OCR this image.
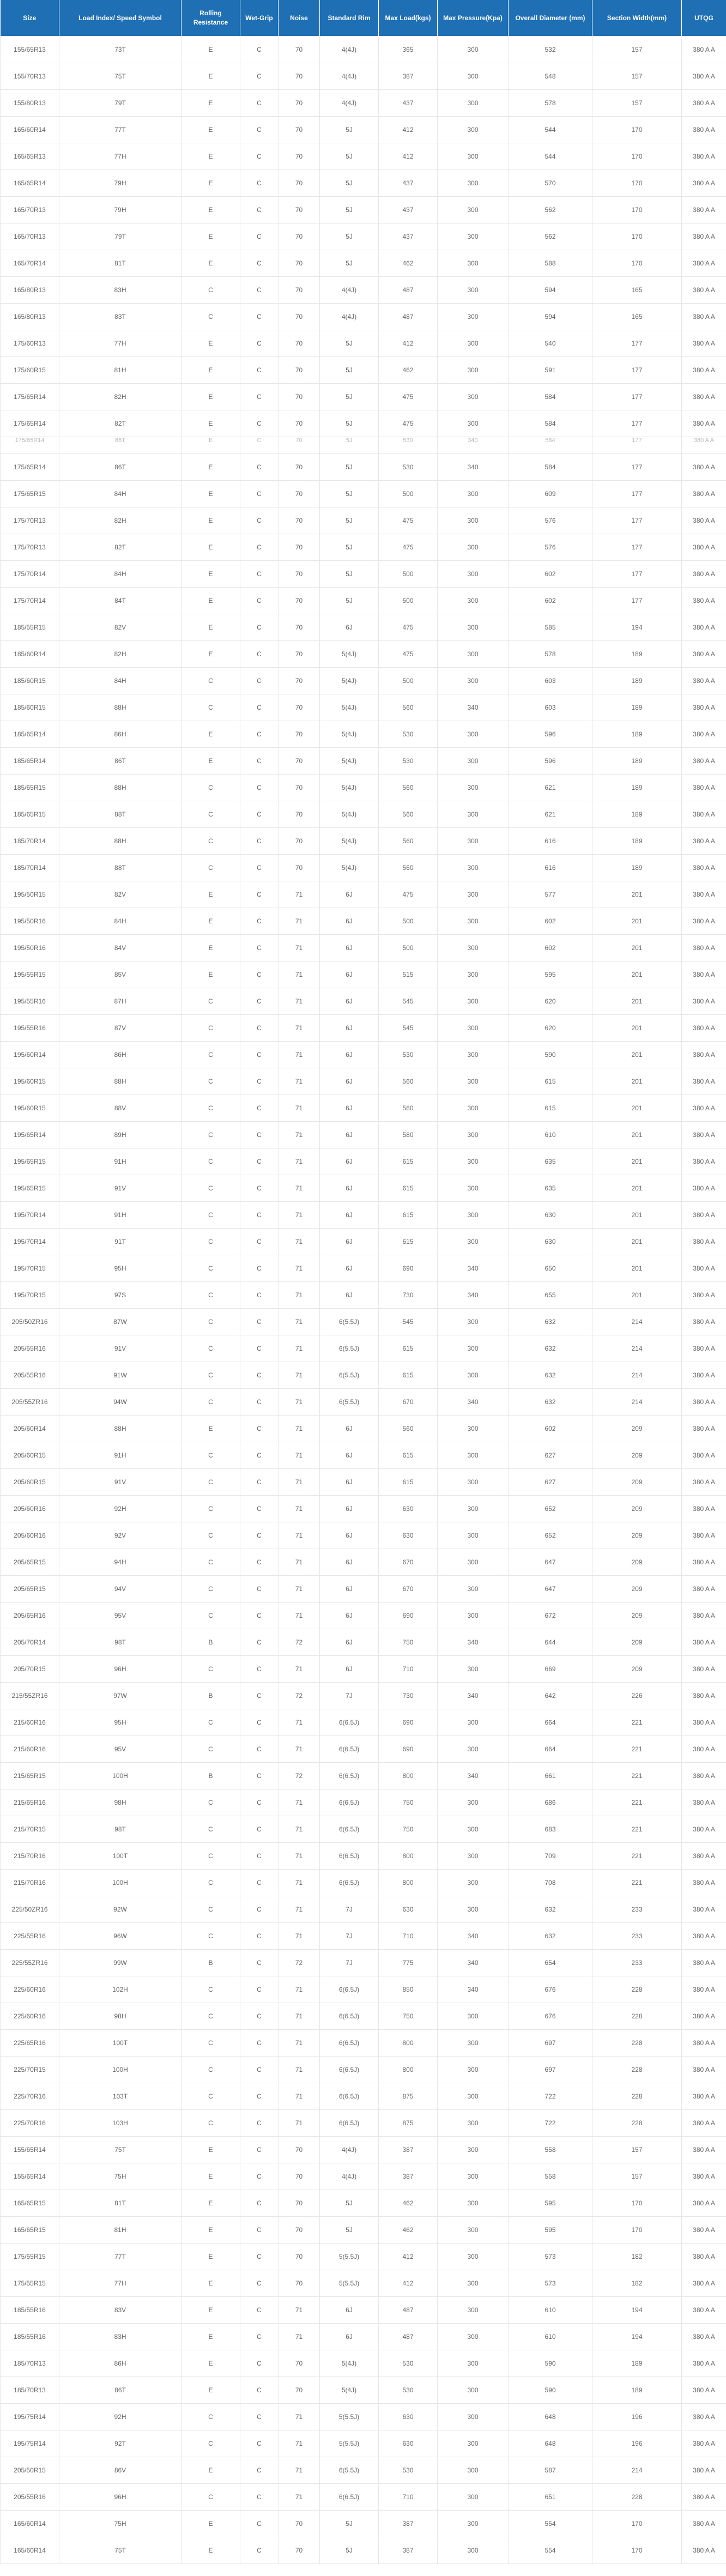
Size	Load Index/ Speed Symbol	Rolling Resistance	Wet-Grip	Noise	Standard Rim	Max Load(kgs)	Max Pressure(Kpa)	Overall Diameter (mm)	Section Width(mm)	UTQG
155/65R13	73T	E	C	70	4(4J)	365	300	532	157	380 A A
155/70R13	75T	E	C	70	4(4J)	387	300	548	157	380 A A
155/80R13	79T	E	C	70	4(4J)	437	300	578	157	380 A A
165/60R14	77T	E	C	70	5J	412	300	544	170	380 A A
165/65R13	77H	E	C	70	5J	412	300	544	170	380 A A
165/65R14	79H	E	C	70	5J	437	300	570	170	380 A A
165/70R13	79H	E	C	70	5J	437	300	562	170	380 A A
165/70R13	79T	E	C	70	5J	437	300	562	170	380 A A
165/70R14	81T	E	C	70	5J	462	300	588	170	380 A A
165/80R13	83H	C	C	70	4(4J)	487	300	594	165	380 A A
165/80R13	83T	C	C	70	4(4J)	487	300	594	165	380 A A
175/60R13	77H	E	C	70	5J	412	300	540	177	380 A A
175/60R15	81H	E	C	70	5J	462	300	591	177	380 A A
175/65R14	82H	E	C	70	5J	475	300	584	177	380 A A
175/65R14	82T	E	C	70	5J	475	300	584	177	380 A A
175/65R14	86T	E	C	70	5J	530	340	584	177	380 A A
175/65R14	86T	E	C	70	5J	530	340	584	177	380 A A
175/65R15	84H	E	C	70	5J	500	300	609	177	380 A A
175/70R13	82H	E	C	70	5J	475	300	576	177	380 A A
175/70R13	82T	E	C	70	5J	475	300	576	177	380 A A
175/70R14	84H	E	C	70	5J	500	300	602	177	380 A A
175/70R14	84T	E	C	70	5J	500	300	602	177	380 A A
185/55R15	82V	E	C	70	6J	475	300	585	194	380 A A
185/60R14	82H	E	C	70	5(4J)	475	300	578	189	380 A A
185/60R15	84H	C	C	70	5(4J)	500	300	603	189	380 A A
185/60R15	88H	C	C	70	5(4J)	560	340	603	189	380 A A
185/65R14	86H	E	C	70	5(4J)	530	300	596	189	380 A A
185/65R14	86T	E	C	70	5(4J)	530	300	596	189	380 A A
185/65R15	88H	C	C	70	5(4J)	560	300	621	189	380 A A
185/65R15	88T	C	C	70	5(4J)	560	300	621	189	380 A A
185/70R14	88H	C	C	70	5(4J)	560	300	616	189	380 A A
185/70R14	88T	C	C	70	5(4J)	560	300	616	189	380 A A
195/50R15	82V	E	C	71	6J	475	300	577	201	380 A A
195/50R16	84H	E	C	71	6J	500	300	602	201	380 A A
195/50R16	84V	E	C	71	6J	500	300	602	201	380 A A
195/55R15	85V	E	C	71	6J	515	300	595	201	380 A A
195/55R16	87H	C	C	71	6J	545	300	620	201	380 A A
195/55R16	87V	C	C	71	6J	545	300	620	201	380 A A
195/60R14	86H	C	C	71	6J	530	300	590	201	380 A A
195/60R15	88H	C	C	71	6J	560	300	615	201	380 A A
195/60R15	88V	C	C	71	6J	560	300	615	201	380 A A
195/65R14	89H	C	C	71	6J	580	300	610	201	380 A A
195/65R15	91H	C	C	71	6J	615	300	635	201	380 A A
195/65R15	91V	C	C	71	6J	615	300	635	201	380 A A
195/70R14	91H	C	C	71	6J	615	300	630	201	380 A A
195/70R14	91T	C	C	71	6J	615	300	630	201	380 A A
195/70R15	95H	C	C	71	6J	690	340	650	201	380 A A
195/70R15	97S	C	C	71	6J	730	340	655	201	380 A A
205/50ZR16	87W	C	C	71	6(5.5J)	545	300	632	214	380 A A
205/55R16	91V	C	C	71	6(5.5J)	615	300	632	214	380 A A
205/55R16	91W	C	C	71	6(5.5J)	615	300	632	214	380 A A
205/55ZR16	94W	C	C	71	6(5.5J)	670	340	632	214	380 A A
205/60R14	88H	E	C	71	6J	560	300	602	209	380 A A
205/60R15	91H	C	C	71	6J	615	300	627	209	380 A A
205/60R15	91V	C	C	71	6J	615	300	627	209	380 A A
205/60R16	92H	C	C	71	6J	630	300	652	209	380 A A
205/60R16	92V	C	C	71	6J	630	300	652	209	380 A A
205/65R15	94H	C	C	71	6J	670	300	647	209	380 A A
205/65R15	94V	C	C	71	6J	670	300	647	209	380 A A
205/65R16	95V	C	C	71	6J	690	300	672	209	380 A A
205/70R14	98T	B	C	72	6J	750	340	644	209	380 A A
205/70R15	96H	C	C	71	6J	710	300	669	209	380 A A
215/55ZR16	97W	B	C	72	7J	730	340	642	226	380 A A
215/60R16	95H	C	C	71	6(6.5J)	690	300	664	221	380 A A
215/60R16	95V	C	C	71	6(6.5J)	690	300	664	221	380 A A
215/65R15	100H	B	C	72	6(6.5J)	800	340	661	221	380 A A
215/65R16	98H	C	C	71	6(6.5J)	750	300	686	221	380 A A
215/70R15	98T	C	C	71	6(6.5J)	750	300	683	221	380 A A
215/70R16	100T	C	C	71	6(6.5J)	800	300	709	221	380 A A
215/70R16	100H	C	C	71	6(6.5J)	800	300	708	221	380 A A
225/50ZR16	92W	C	C	71	7J	630	300	632	233	380 A A
225/55R16	96W	C	C	71	7J	710	340	632	233	380 A A
225/55ZR16	99W	B	C	72	7J	775	340	654	233	380 A A
225/60R16	102H	C	C	71	6(6.5J)	850	340	676	228	380 A A
225/60R16	98H	C	C	71	6(6.5J)	750	300	676	228	380 A A
225/65R16	100T	C	C	71	6(6.5J)	800	300	697	228	380 A A
225/70R15	100H	C	C	71	6(6.5J)	800	300	697	228	380 A A
225/70R16	103T	C	C	71	6(6.5J)	875	300	722	228	380 A A
225/70R16	103H	C	C	71	6(6.5J)	875	300	722	228	380 A A
155/65R14	75T	E	C	70	4(4J)	387	300	558	157	380 A A
155/65R14	75H	E	C	70	4(4J)	387	300	558	157	380 A A
165/65R15	81T	E	C	70	5J	462	300	595	170	380 A A
165/65R15	81H	E	C	70	5J	462	300	595	170	380 A A
175/55R15	77T	E	C	70	5(5.5J)	412	300	573	182	380 A A
175/55R15	77H	E	C	70	5(5.5J)	412	300	573	182	380 A A
185/55R16	83V	E	C	71	6J	487	300	610	194	380 A A
185/55R16	83H	E	C	71	6J	487	300	610	194	380 A A
185/70R13	86H	E	C	70	5(4J)	530	300	590	189	380 A A
185/70R13	86T	E	C	70	5(4J)	530	300	590	189	380 A A
195/75R14	92H	C	C	71	5(5.5J)	630	300	648	196	380 A A
195/75R14	92T	C	C	71	5(5.5J)	630	300	648	196	380 A A
205/50R15	86V	E	C	71	6(5.5J)	530	300	587	214	380 A A
205/55R16	96H	C	C	71	6(6.5J)	710	300	651	228	380 A A
165/60R14	75H	E	C	70	5J	387	300	554	170	380 A A
165/60R14	75T	E	C	70	5J	387	300	554	170	380 A A
